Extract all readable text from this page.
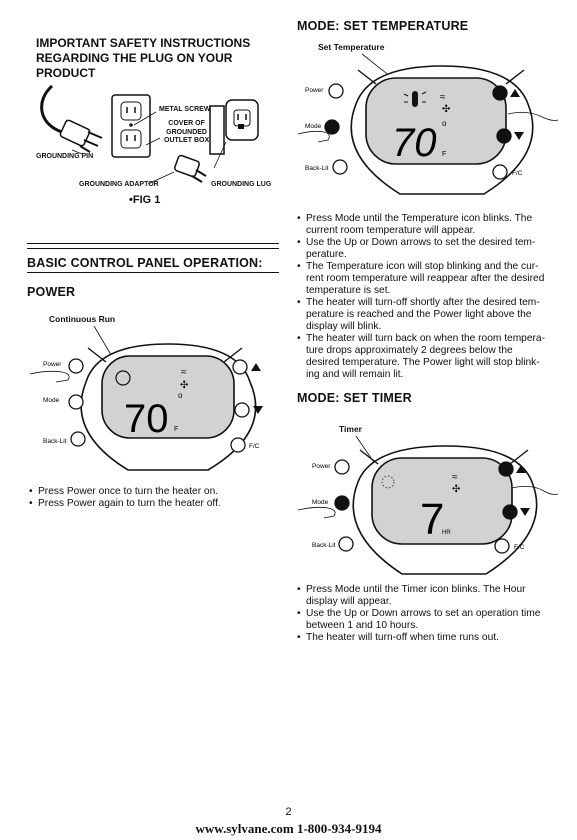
IMPORTANT SAFETY INSTRUCTIONS
REGARDING THE PLUG ON YOUR
PRODUCT
METAL SCREW
COVER OF
GROUNDED
OUTLET BOX
GROUNDING PIN
GROUNDING ADAPTOR	GROUNDING LUG
•FIG 1
BASIC CONTROL PANEL OPERATION:
POWER
Continuous Run
≈
✣
70
o
F
Power
Mode
Back-Lit
F/C
• Press Power once to turn the heater on.
• Press Power again to turn the heater off.
MODE: SET TEMPERATURE
Set Temperature
≈
✣
70 o
F
Power
Mode
Back-Lit
F/C
• Press Mode until the Temperature icon blinks. The
current room temperature will appear.
• Use the Up or Down arrows to set the desired tem-
perature.
• The Temperature icon will stop blinking and the cur-
rent room temperature will reappear after the desired
temperature is set.
• The heater will turn-off shortly after the desired tem-
perature is reached and the Power light above the
display will blink.
• The heater will turn back on when the room tempera-
ture drops approximately 2 degrees below the
desired temperature. The Power light will stop blink-
ing and will remain lit.
MODE: SET TIMER
Timer
≈
✣
7
HR
Power
Mode
Back-Lit	F/C
• Press Mode until the Timer icon blinks. The Hour
display will appear.
• Use the Up or Down arrows to set an operation time
between 1 and 10 hours.
• The heater will turn-off when time runs out.
2
www.sylvane.com 1-800-934-9194
